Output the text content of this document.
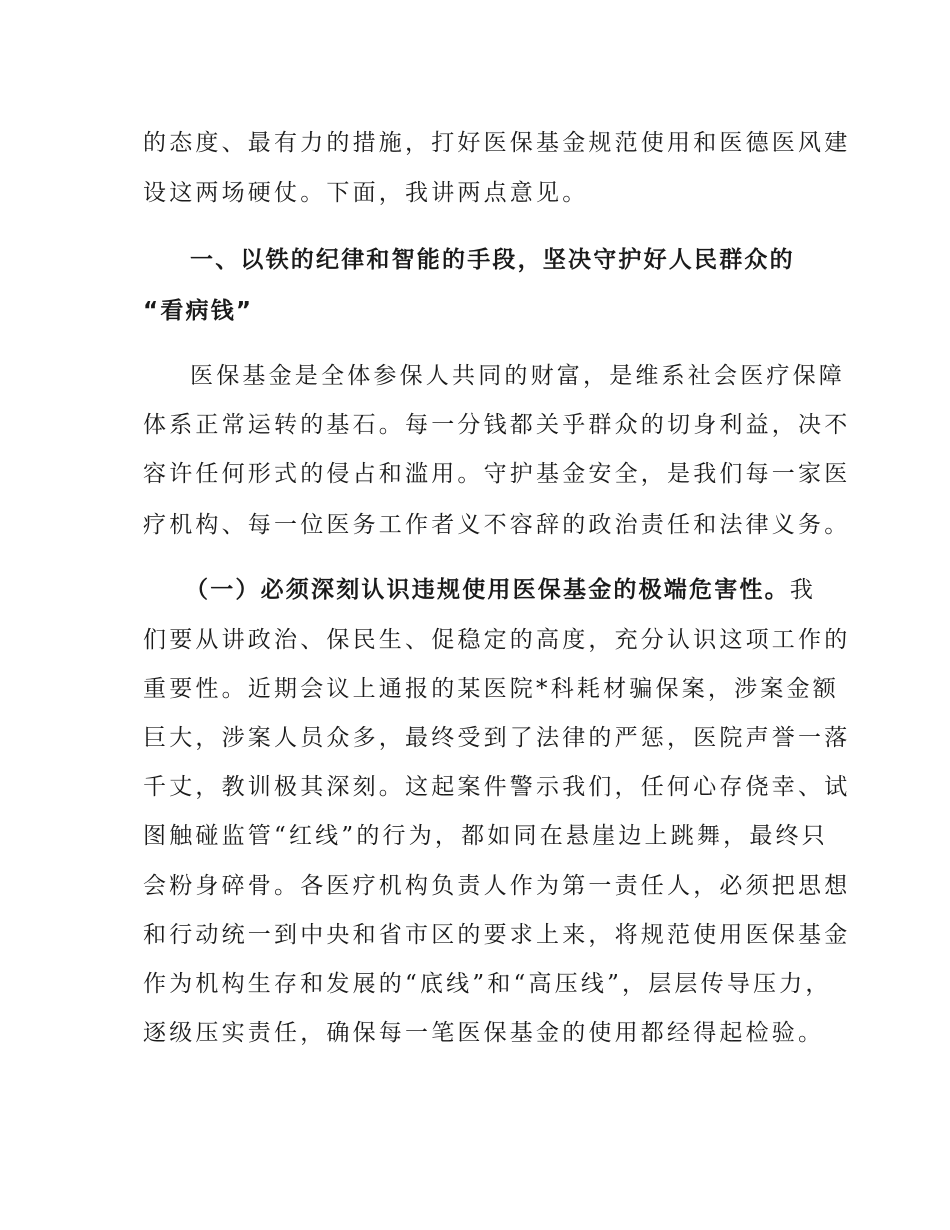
的态度、最有力的措施，打好医保基金规范使用和医德医风建
设这两场硬仗。下面，我讲两点意见。
一、以铁的纪律和智能的手段，坚决守护好人民群众的
“看病钱”
医保基金是全体参保人共同的财富，是维系社会医疗保障
体系正常运转的基石。每一分钱都关乎群众的切身利益，决不
容许任何形式的侵占和滥用。守护基金安全，是我们每一家医
疗机构、每一位医务工作者义不容辞的政治责任和法律义务。
（一）必须深刻认识违规使用医保基金的极端危害性。我
们要从讲政治、保民生、促稳定的高度，充分认识这项工作的
重要性。近期会议上通报的某医院*科耗材骗保案，涉案金额
巨大，涉案人员众多，最终受到了法律的严惩，医院声誉一落
千丈，教训极其深刻。这起案件警示我们，任何心存侥幸、试
图触碰监管“红线”的行为，都如同在悬崖边上跳舞，最终只
会粉身碎骨。各医疗机构负责人作为第一责任人，必须把思想
和行动统一到中央和省市区的要求上来，将规范使用医保基金
作为机构生存和发展的“底线”和“高压线”，层层传导压力，
逐级压实责任，确保每一笔医保基金的使用都经得起检验。
